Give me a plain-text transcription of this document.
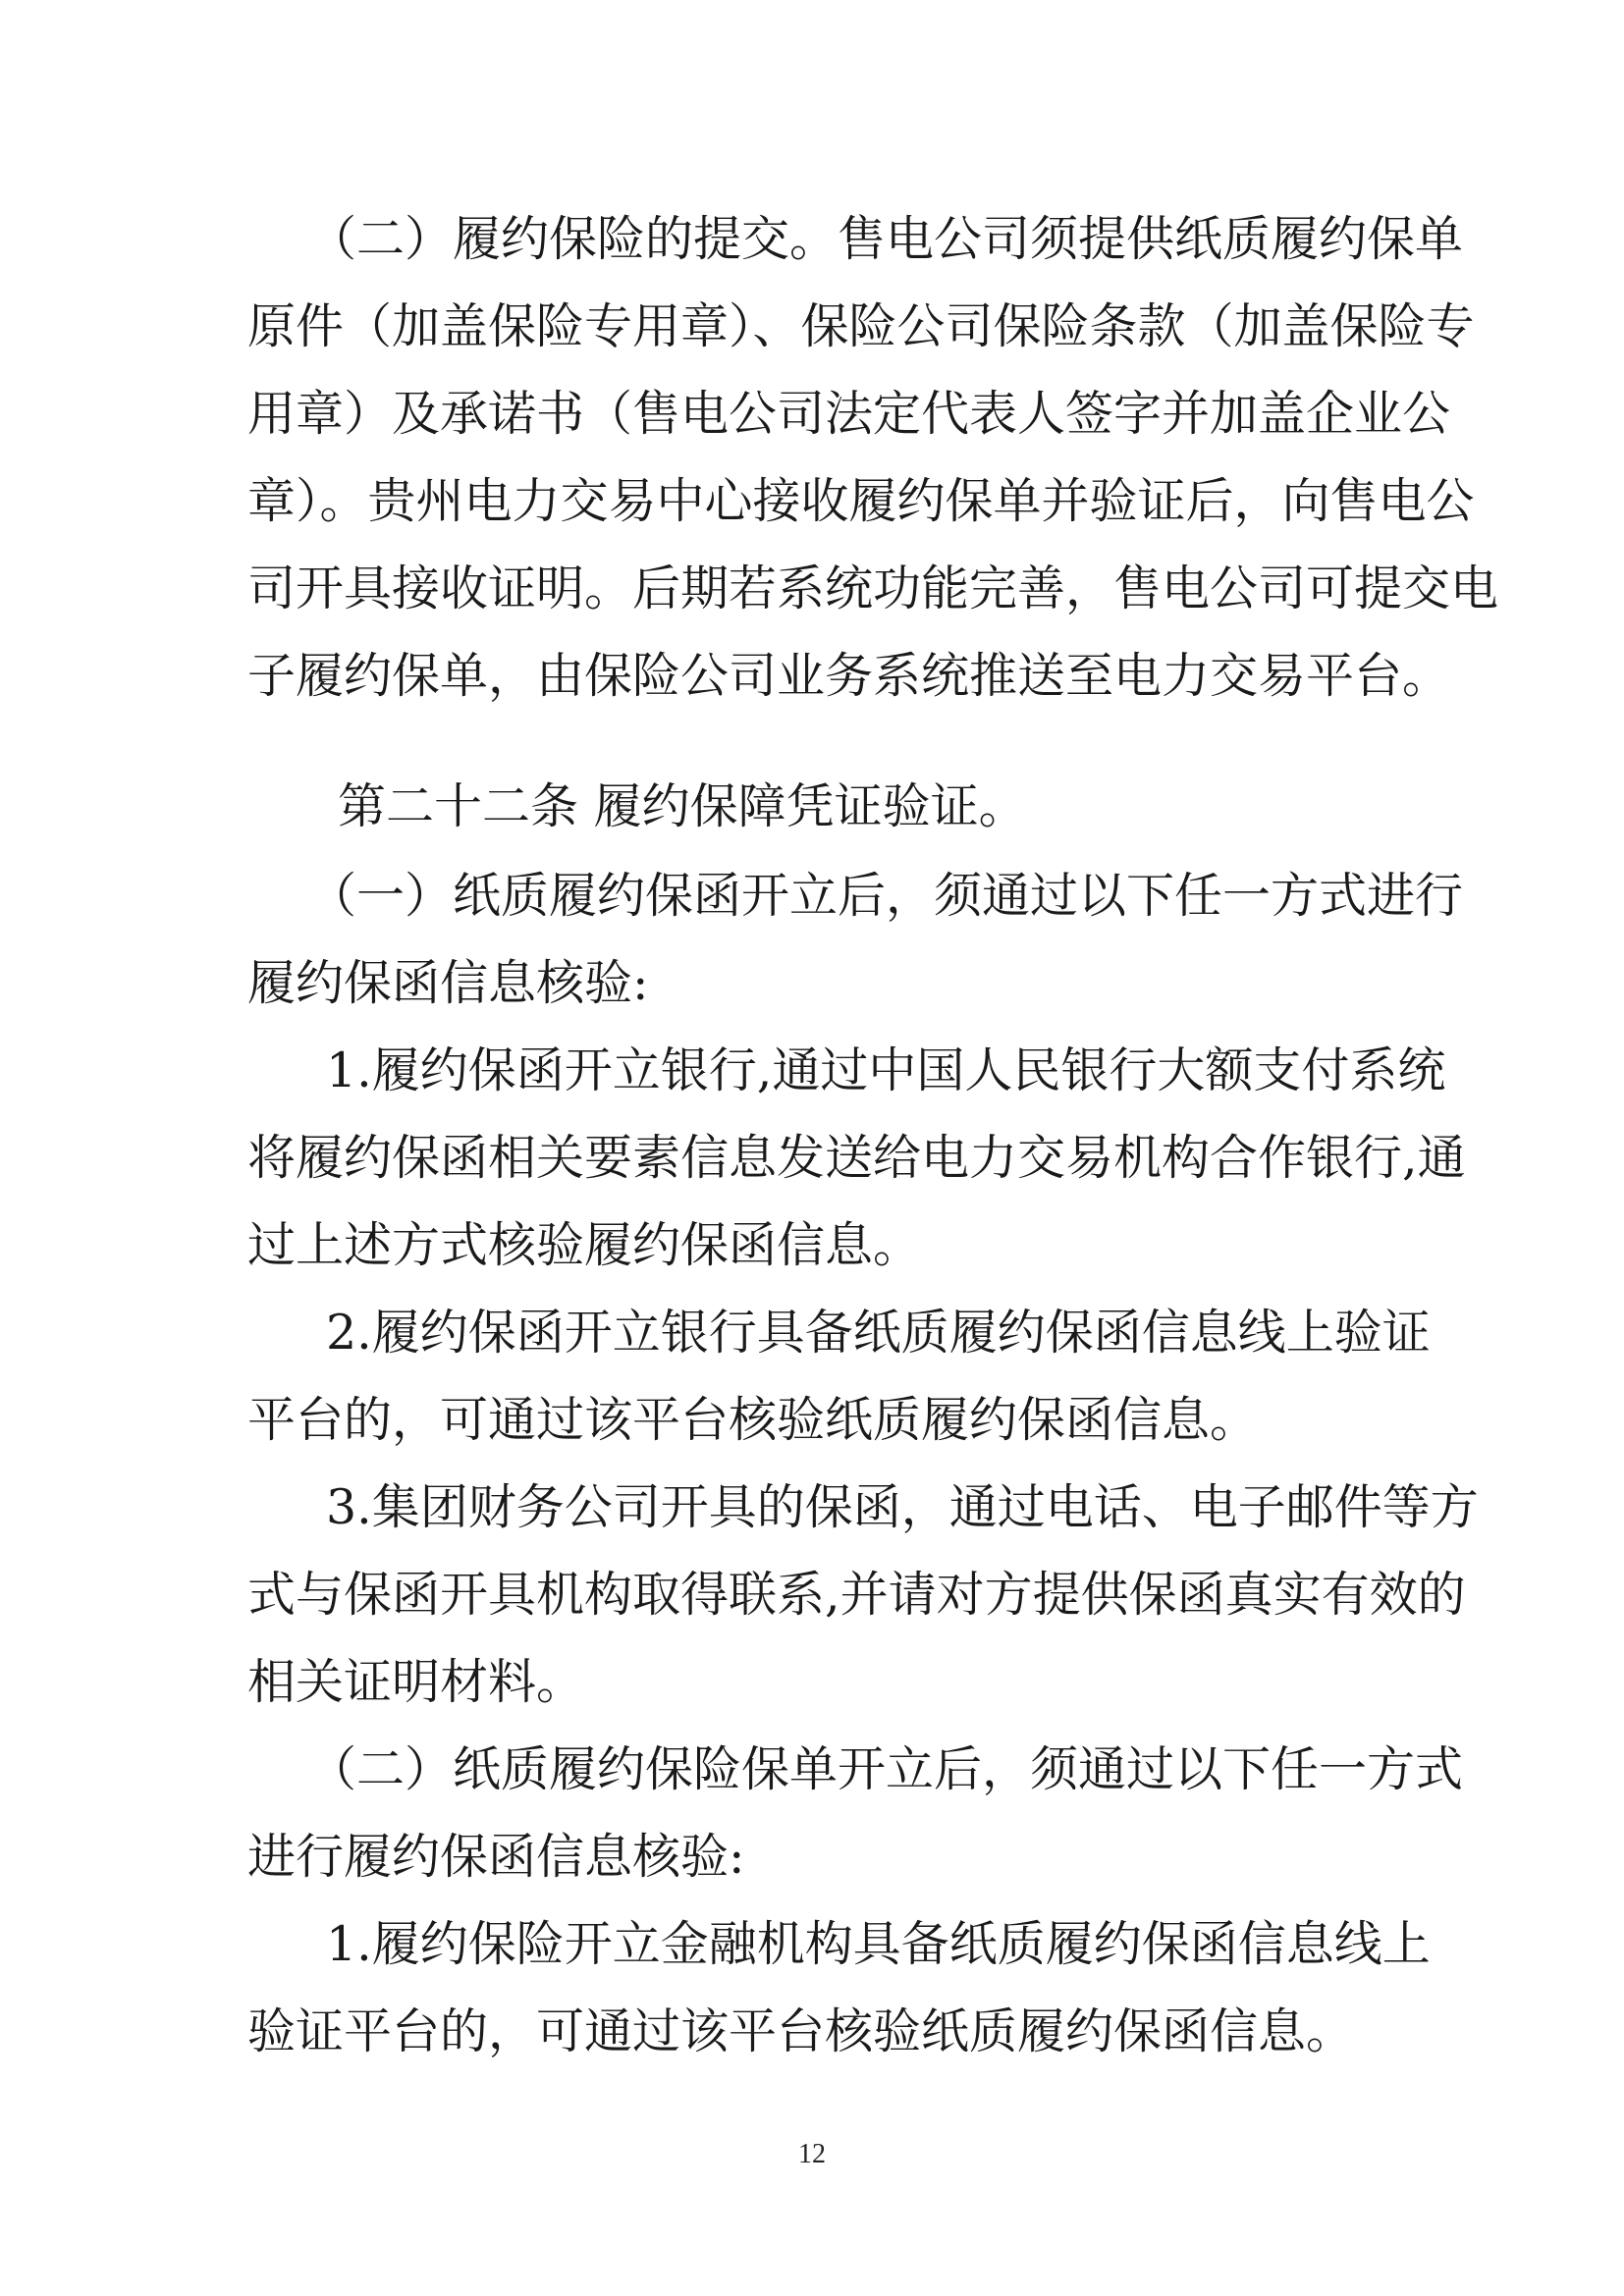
（二）履约保险的提交。售电公司须提供纸质履约保单
原件（加盖保险专用章）、保险公司保险条款（加盖保险专
用章）及承诺书（售电公司法定代表人签字并加盖企业公
章）。贵州电力交易中心接收履约保单并验证后，向售电公
司开具接收证明。后期若系统功能完善，售电公司可提交电
子履约保单，由保险公司业务系统推送至电力交易平台。
第二十二条 履约保障凭证验证。
（一）纸质履约保函开立后，须通过以下任一方式进行
履约保函信息核验:
1.履约保函开立银行,通过中国人民银行大额支付系统
将履约保函相关要素信息发送给电力交易机构合作银行,通
过上述方式核验履约保函信息。
2.履约保函开立银行具备纸质履约保函信息线上验证
平台的，可通过该平台核验纸质履约保函信息。
3.集团财务公司开具的保函，通过电话、电子邮件等方
式与保函开具机构取得联系,并请对方提供保函真实有效的
相关证明材料。
（二）纸质履约保险保单开立后，须通过以下任一方式
进行履约保函信息核验:
1.履约保险开立金融机构具备纸质履约保函信息线上
验证平台的，可通过该平台核验纸质履约保函信息。
12
